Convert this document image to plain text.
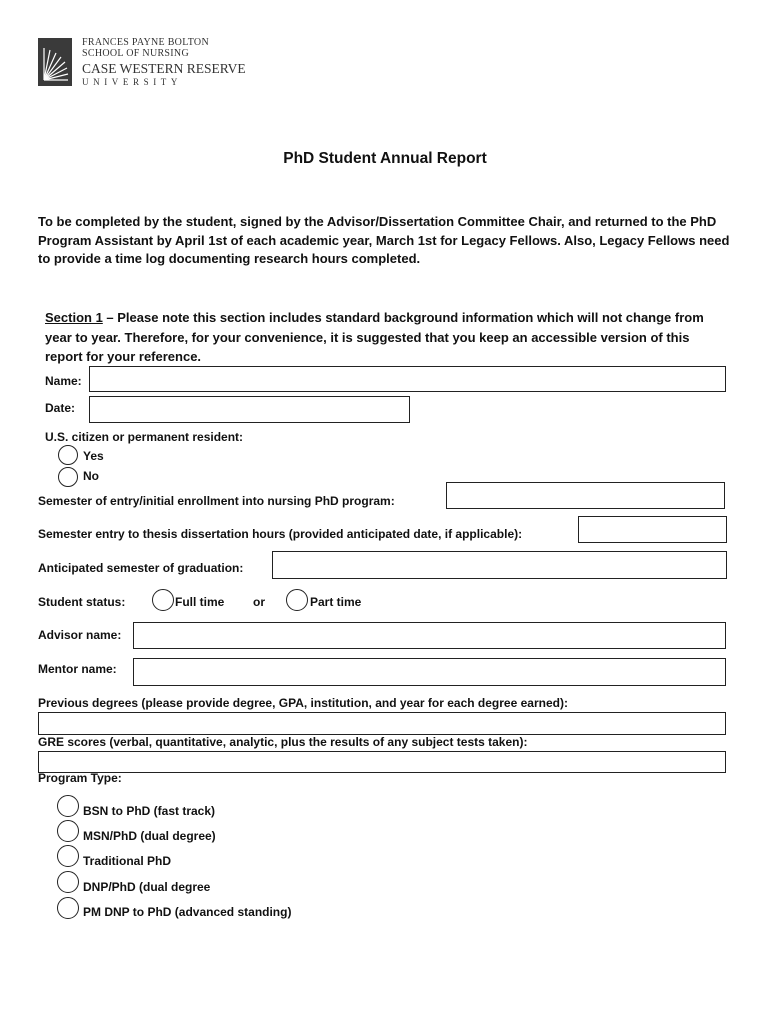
FRANCES PAYNE BOLTON
SCHOOL OF NURSING
CASE WESTERN RESERVE
UNIVERSITY
PhD Student Annual Report
To be completed by the student, signed by the Advisor/Dissertation Committee Chair, and returned to the PhD Program Assistant by April 1st of each academic year, March 1st for Legacy Fellows. Also, Legacy Fellows need to provide a time log documenting research hours completed.
Section 1 – Please note this section includes standard background information which will not change from year to year. Therefore, for your convenience, it is suggested that you keep an accessible version of this report for your reference.
Name:
Date:
U.S. citizen or permanent resident:
Yes
No
Semester of entry/initial enrollment into nursing PhD program:
Semester entry to thesis dissertation hours (provided anticipated date, if applicable):
Anticipated semester of graduation:
Student status:	Full time or	Part time
Advisor name:
Mentor name:
Previous degrees (please provide degree, GPA, institution, and year for each degree earned):
GRE scores (verbal, quantitative, analytic, plus the results of any subject tests taken):
Program Type:
BSN to PhD (fast track)
MSN/PhD (dual degree)
Traditional PhD
DNP/PhD (dual degree
PM DNP to PhD (advanced standing)
